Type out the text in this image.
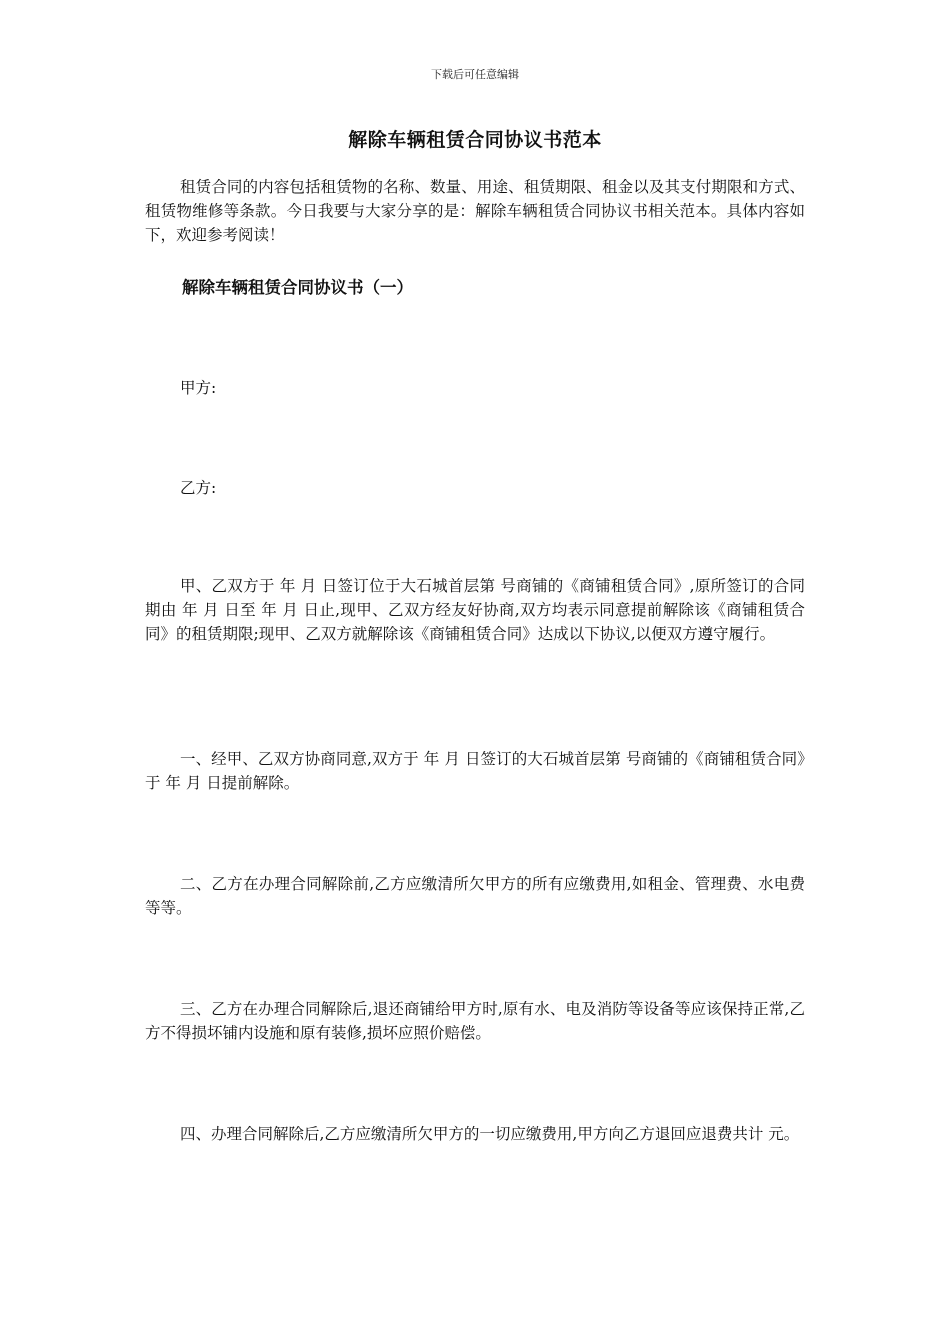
下载后可任意编辑
解除车辆租赁合同协议书范本

租赁合同的内容包括租赁物的名称、数量、用途、租赁期限、租金以及其支付期限和方式、租赁物维修等条款。今日我要与大家分享的是：解除车辆租赁合同协议书相关范本。具体内容如下，欢迎参考阅读！

解除车辆租赁合同协议书（一）
甲方:
乙方:

甲、乙双方于 年 月 日签订位于大石城首层第 号商铺的《商铺租赁合同》,原所签订的合同期由 年 月 日至 年 月 日止,现甲、乙双方经友好协商,双方均表示同意提前解除该《商铺租赁合同》的租赁期限;现甲、乙双方就解除该《商铺租赁合同》达成以下协议,以便双方遵守履行。

一、经甲、乙双方协商同意,双方于 年 月 日签订的大石城首层第 号商铺的《商铺租赁合同》于 年 月 日提前解除。

二、乙方在办理合同解除前,乙方应缴清所欠甲方的所有应缴费用,如租金、管理费、水电费等等。

三、乙方在办理合同解除后,退还商铺给甲方时,原有水、电及消防等设备等应该保持正常,乙方不得损坏铺内设施和原有装修,损坏应照价赔偿。

四、办理合同解除后,乙方应缴清所欠甲方的一切应缴费用,甲方向乙方退回应退费共计 元。
